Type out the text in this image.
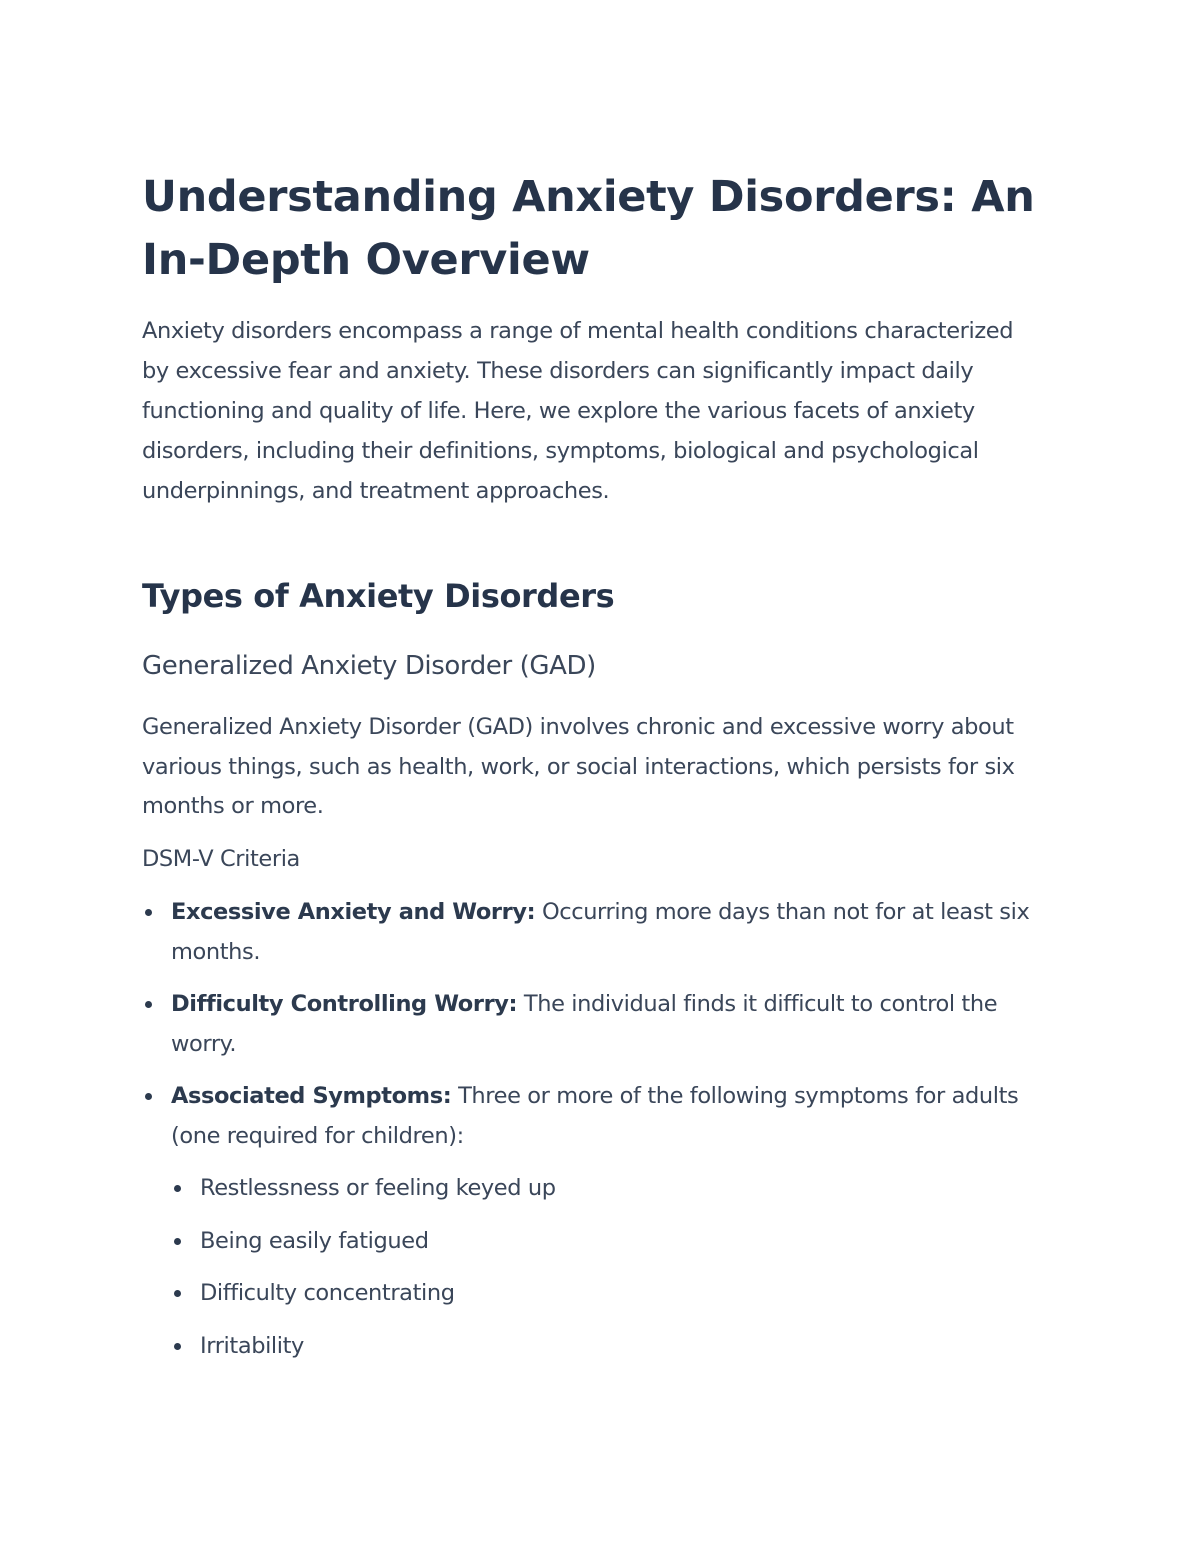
Understanding Anxiety Disorders: An In-Depth Overview

Anxiety disorders encompass a range of mental health conditions characterized by excessive fear and anxiety. These disorders can significantly impact daily functioning and quality of life. Here, we explore the various facets of anxiety disorders, including their definitions, symptoms, biological and psychological underpinnings, and treatment approaches.

Types of Anxiety Disorders
Generalized Anxiety Disorder (GAD)

Generalized Anxiety Disorder (GAD) involves chronic and excessive worry about various things, such as health, work, or social interactions, which persists for six months or more.

DSM-V Criteria
Excessive Anxiety and Worry: Occurring more days than not for at least six months.
Difficulty Controlling Worry: The individual finds it difficult to control the worry.
Associated Symptoms: Three or more of the following symptoms for adults (one required for children):
Restlessness or feeling keyed up
Being easily fatigued
Difficulty concentrating
Irritability
